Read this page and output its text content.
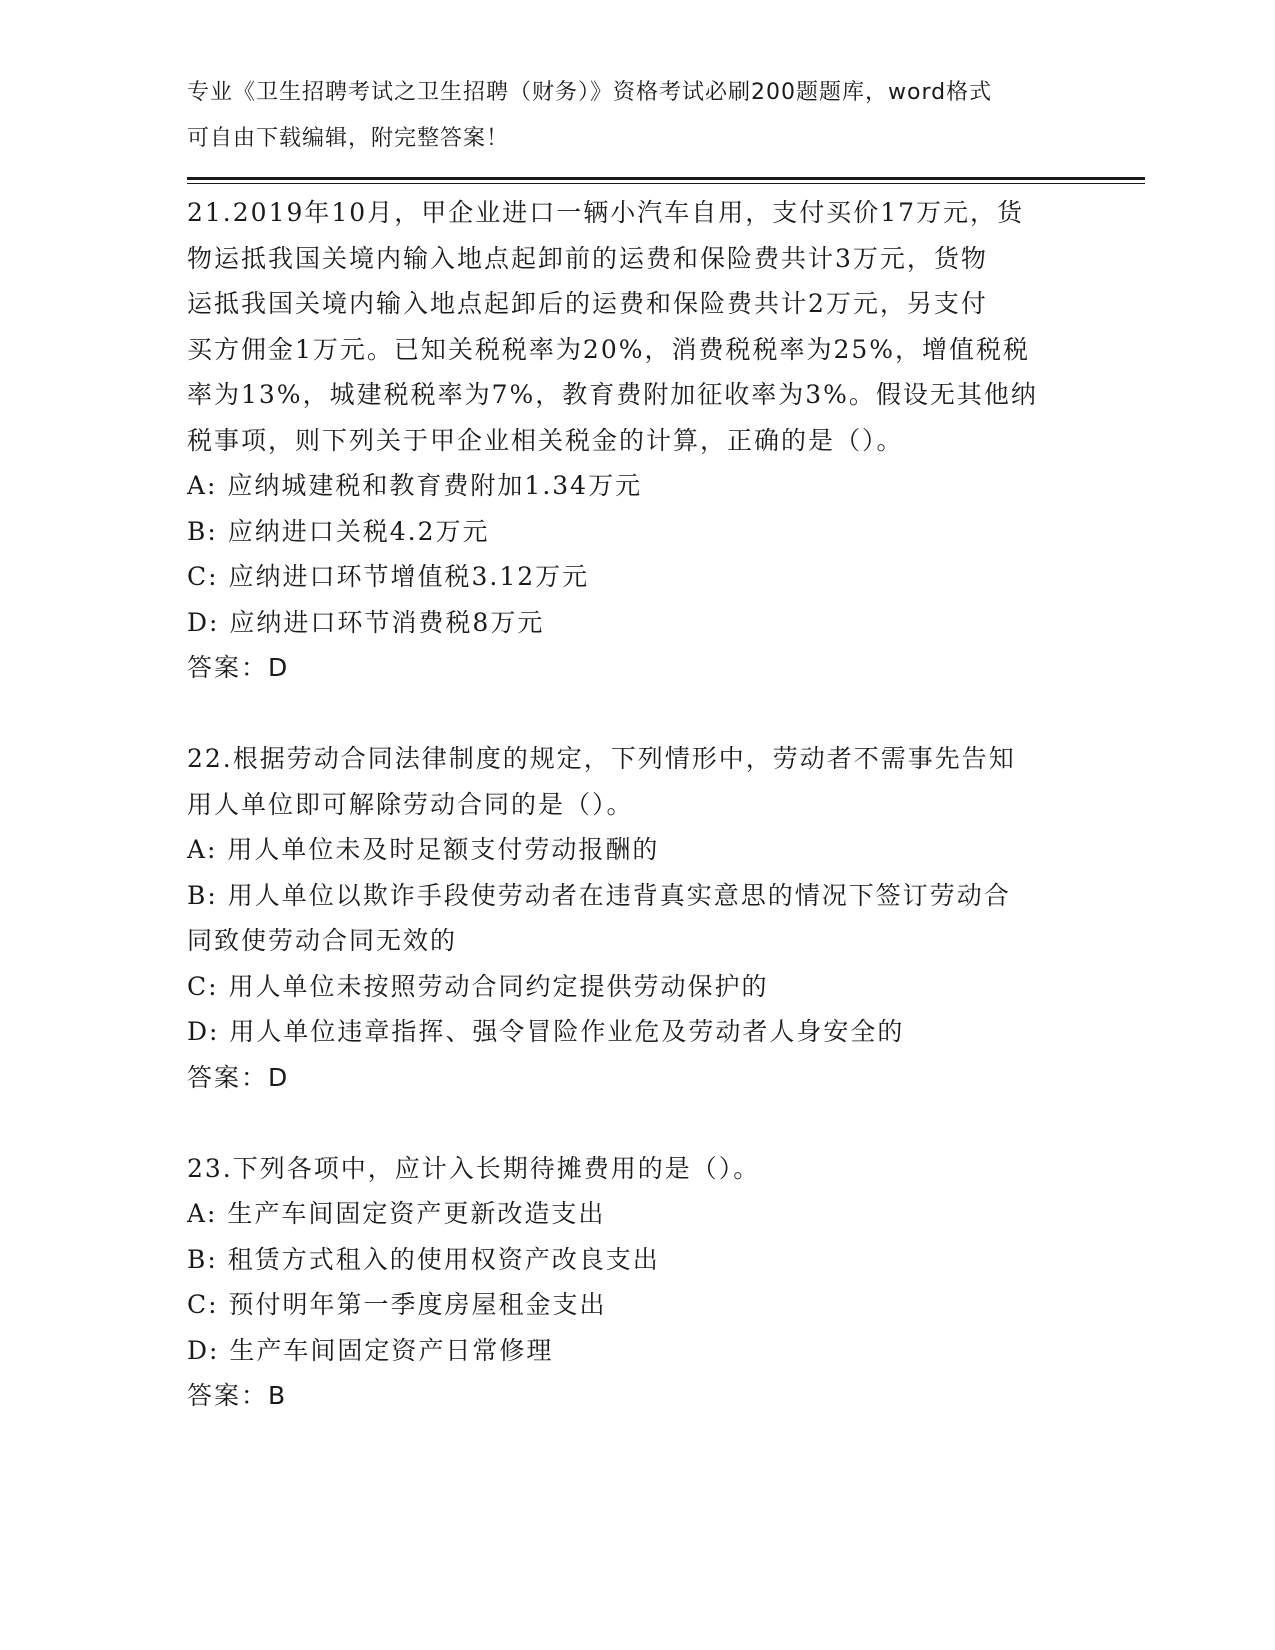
专业《卫生招聘考试之卫生招聘（财务）》资格考试必刷200题题库，word格式
可自由下载编辑，附完整答案！
21.2019年10月，甲企业进口一辆小汽车自用，支付买价17万元，货
物运抵我国关境内输入地点起卸前的运费和保险费共计3万元，货物
运抵我国关境内输入地点起卸后的运费和保险费共计2万元，另支付
买方佣金1万元。已知关税税率为20%，消费税税率为25%，增值税税
率为13%，城建税税率为7%，教育费附加征收率为3%。假设无其他纳
税事项，则下列关于甲企业相关税金的计算，正确的是（）。
A: 应纳城建税和教育费附加1.34万元
B: 应纳进口关税4.2万元
C: 应纳进口环节增值税3.12万元
D: 应纳进口环节消费税8万元
答案：D
22.根据劳动合同法律制度的规定，下列情形中，劳动者不需事先告知
用人单位即可解除劳动合同的是（）。
A: 用人单位未及时足额支付劳动报酬的
B: 用人单位以欺诈手段使劳动者在违背真实意思的情况下签订劳动合
同致使劳动合同无效的
C: 用人单位未按照劳动合同约定提供劳动保护的
D: 用人单位违章指挥、强令冒险作业危及劳动者人身安全的
答案：D
23.下列各项中，应计入长期待摊费用的是（）。
A: 生产车间固定资产更新改造支出
B: 租赁方式租入的使用权资产改良支出
C: 预付明年第一季度房屋租金支出
D: 生产车间固定资产日常修理
答案：B
